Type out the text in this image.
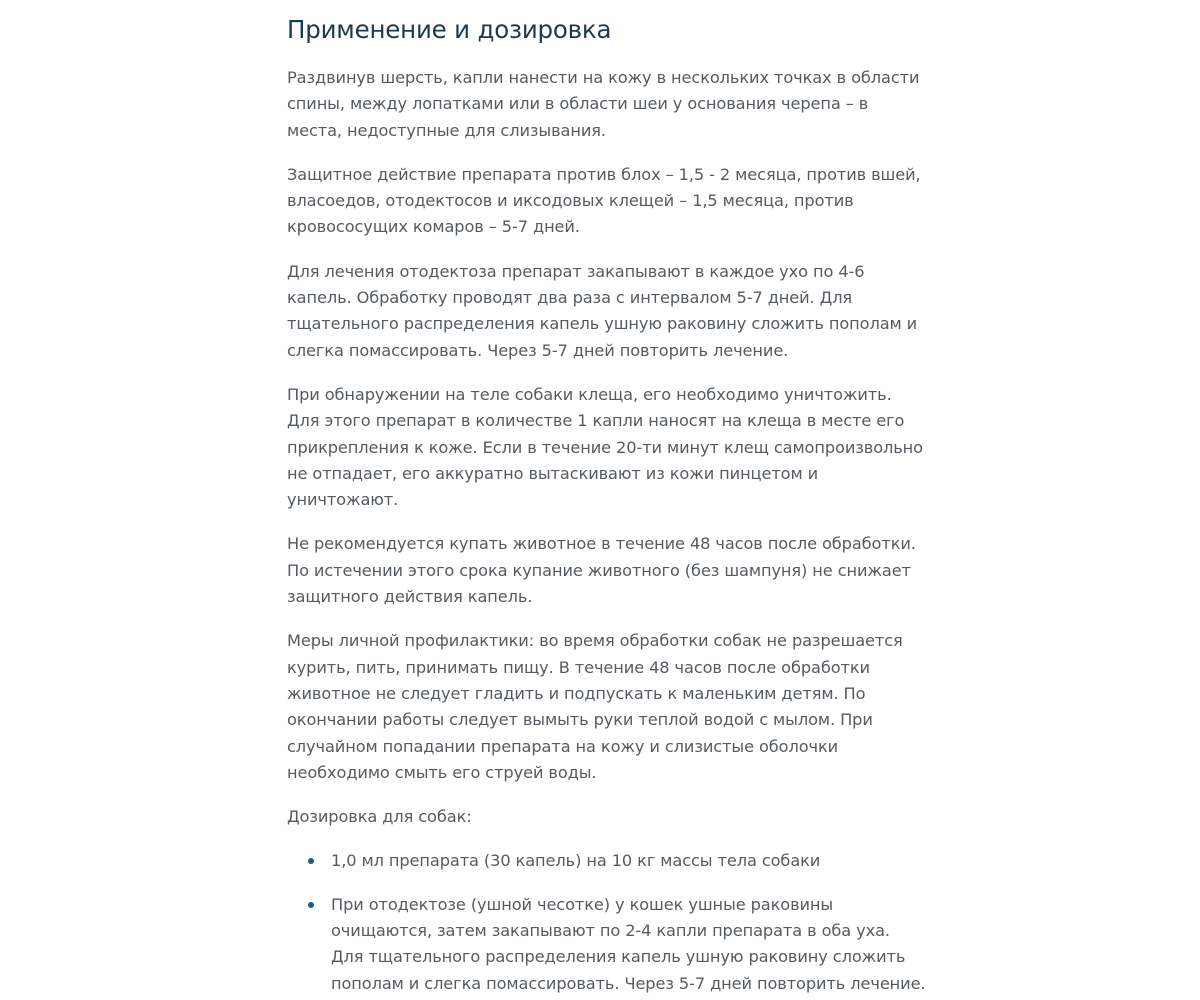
Применение и дозировка

Раздвинув шерсть, капли нанести на кожу в нескольких точках в области спины, между лопатками или в области шеи у основания черепа – в места, недоступные для слизывания.

Защитное действие препарата против блох – 1,5 - 2 месяца, против вшей, власоедов, отодектосов и иксодовых клещей – 1,5 месяца, против кровососущих комаров – 5-7 дней.

Для лечения отодектоза препарат закапывают в каждое ухо по 4-6 капель. Обработку проводят два раза с интервалом 5-7 дней. Для тщательного распределения капель ушную раковину сложить пополам и слегка помассировать. Через 5-7 дней повторить лечение.

При обнаружении на теле собаки клеща, его необходимо уничтожить. Для этого препарат в количестве 1 капли наносят на клеща в месте его прикрепления к коже. Если в течение 20-ти минут клещ самопроизвольно не отпадает, его аккуратно вытаскивают из кожи пинцетом и уничтожают.

Не рекомендуется купать животное в течение 48 часов после обработки. По истечении этого срока купание животного (без шампуня) не снижает защитного действия капель.

Меры личной профилактики: во время обработки собак не разрешается курить, пить, принимать пищу. В течение 48 часов после обработки животное не следует гладить и подпускать к маленьким детям. По окончании работы следует вымыть руки теплой водой с мылом. При случайном попадании препарата на кожу и слизистые оболочки необходимо смыть его струей воды.

Дозировка для собак:

1,0 мл препарата (30 капель) на 10 кг массы тела собаки
При отодектозе (ушной чесотке) у кошек ушные раковины очищаются, затем закапывают по 2-4 капли препарата в оба уха. Для тщательного распределения капель ушную раковину сложить пополам и слегка помассировать. Через 5-7 дней повторить лечение.
